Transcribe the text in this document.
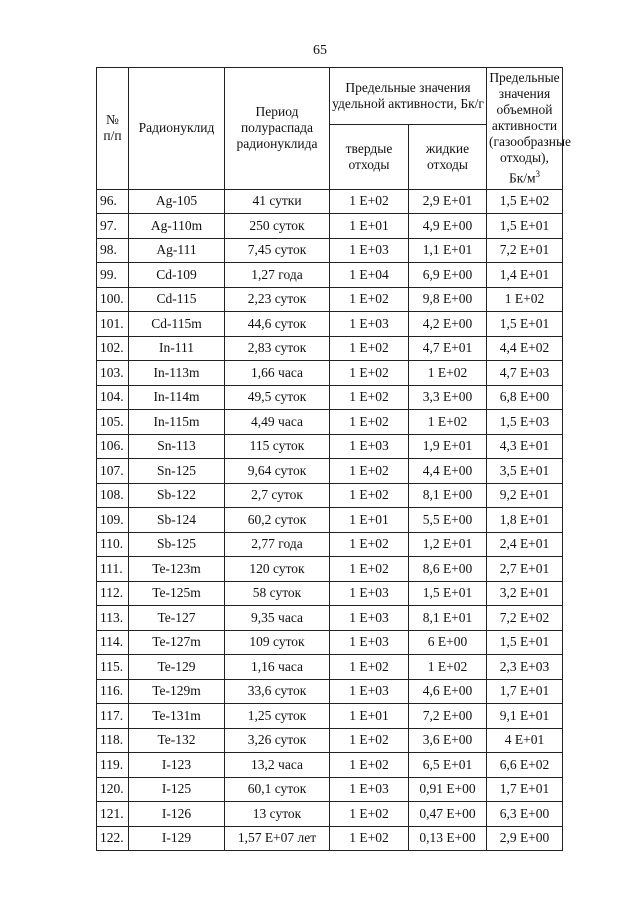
65
№ п/п	Радионуклид	Период полураспада радионуклида	Предельные значения удельной активности, Бк/г		Предельные значения объемной активности (газообразные отходы),
$Бк/м^3$
			твердые отходы	жидкие отходы	
96.	Ag-105	41 сутки	1 E+02	2,9 E+01	1,5 E+02
97.	Ag-110m	250 суток	1 E+01	4,9 E+00	1,5 E+01
98.	Ag-111	7,45 суток	1 E+03	1,1 E+01	7,2 E+01
99.	Cd-109	1,27 года	1 E+04	6,9 E+00	1,4 E+01
100.	Cd-115	2,23 суток	1 E+02	9,8 E+00	1 E+02
101.	Cd-115m	44,6 суток	1 E+03	4,2 E+00	1,5 E+01
102.	In-111	2,83 суток	1 E+02	4,7 E+01	4,4 E+02
103.	In-113m	1,66 часа	1 E+02	1 E+02	4,7 E+03
104.	In-114m	49,5 суток	1 E+02	3,3 E+00	6,8 E+00
105.	In-115m	4,49 часа	1 E+02	1 E+02	1,5 E+03
106.	Sn-113	115 суток	1 E+03	1,9 E+01	4,3 E+01
107.	Sn-125	9,64 суток	1 E+02	4,4 E+00	3,5 E+01
108.	Sb-122	2,7 суток	1 E+02	8,1 E+00	9,2 E+01
109.	Sb-124	60,2 суток	1 E+01	5,5 E+00	1,8 E+01
110.	Sb-125	2,77 года	1 E+02	1,2 E+01	2,4 E+01
111.	Te-123m	120 суток	1 E+02	8,6 E+00	2,7 E+01
112.	Te-125m	58 суток	1 E+03	1,5 E+01	3,2 E+01
113.	Te-127	9,35 часа	1 E+03	8,1 E+01	7,2 E+02
114.	Te-127m	109 суток	1 E+03	6 E+00	1,5 E+01
115.	Te-129	1,16 часа	1 E+02	1 E+02	2,3 E+03
116.	Te-129m	33,6 суток	1 E+03	4,6 E+00	1,7 E+01
117.	Te-131m	1,25 суток	1 E+01	7,2 E+00	9,1 E+01
118.	Te-132	3,26 суток	1 E+02	3,6 E+00	4 E+01
119.	I-123	13,2 часа	1 E+02	6,5 E+01	6,6 E+02
120.	I-125	60,1 суток	1 E+03	0,91 E+00	1,7 E+01
121.	I-126	13 суток	1 E+02	0,47 E+00	6,3 E+00
122.	I-129	1,57 E+07 лет	1 E+02	0,13 E+00	2,9 E+00
